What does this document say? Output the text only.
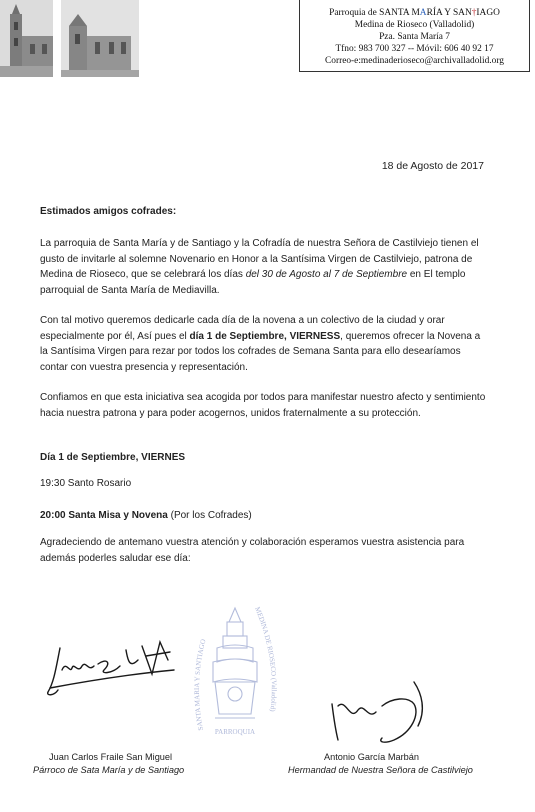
Parroquia de SANTA MARÍA Y SAN†IAGO
Medina de Rioseco (Valladolid)
Pza. Santa María 7
Tfno: 983 700 327 -- Móvil: 606 40 92 17
Correo-e:medinaderioseco@archivalladolid.org
18 de Agosto de 2017
Estimados amigos cofrades:

La parroquia de Santa María y de Santiago y la Cofradía de nuestra Señora de Castilviejo tienen el gusto de invitarle al solemne Novenario en Honor a la Santísima Virgen de Castilviejo, patrona de Medina de Rioseco, que se celebrará los días del 30 de Agosto al 7 de Septiembre en El templo parroquial de Santa María de Mediavilla.

Con tal motivo queremos dedicarle cada día de la novena a un colectivo de la ciudad y orar especialmente por él, Así pues el día 1 de Septiembre, VIERNESS, queremos ofrecer la Novena a la Santísima Virgen para rezar por todos los cofrades de Semana Santa para ello desearíamos contar con vuestra presencia y representación.

Confiamos en que esta iniciativa sea acogida por todos para manifestar nuestro afecto y sentimiento hacia nuestra patrona y para poder acogernos, unidos fraternalmente a su protección.

Día 1 de Septiembre, VIERNES
19:30 Santo Rosario
20:00 Santa Misa y Novena (Por los Cofrades)

Agradeciendo de antemano vuestra atención y colaboración esperamos vuestra asistencia para además poderles saludar ese día:

SANTA MARIA Y SANTIAGO
MEDINA DE RIOSECO (Valladolid)
PARROQUIA
Juan Carlos Fraile San Miguel
Párroco de Sata María y de Santiago
Antonio García Marbán
Hermandad de Nuestra Señora de Castilviejo
